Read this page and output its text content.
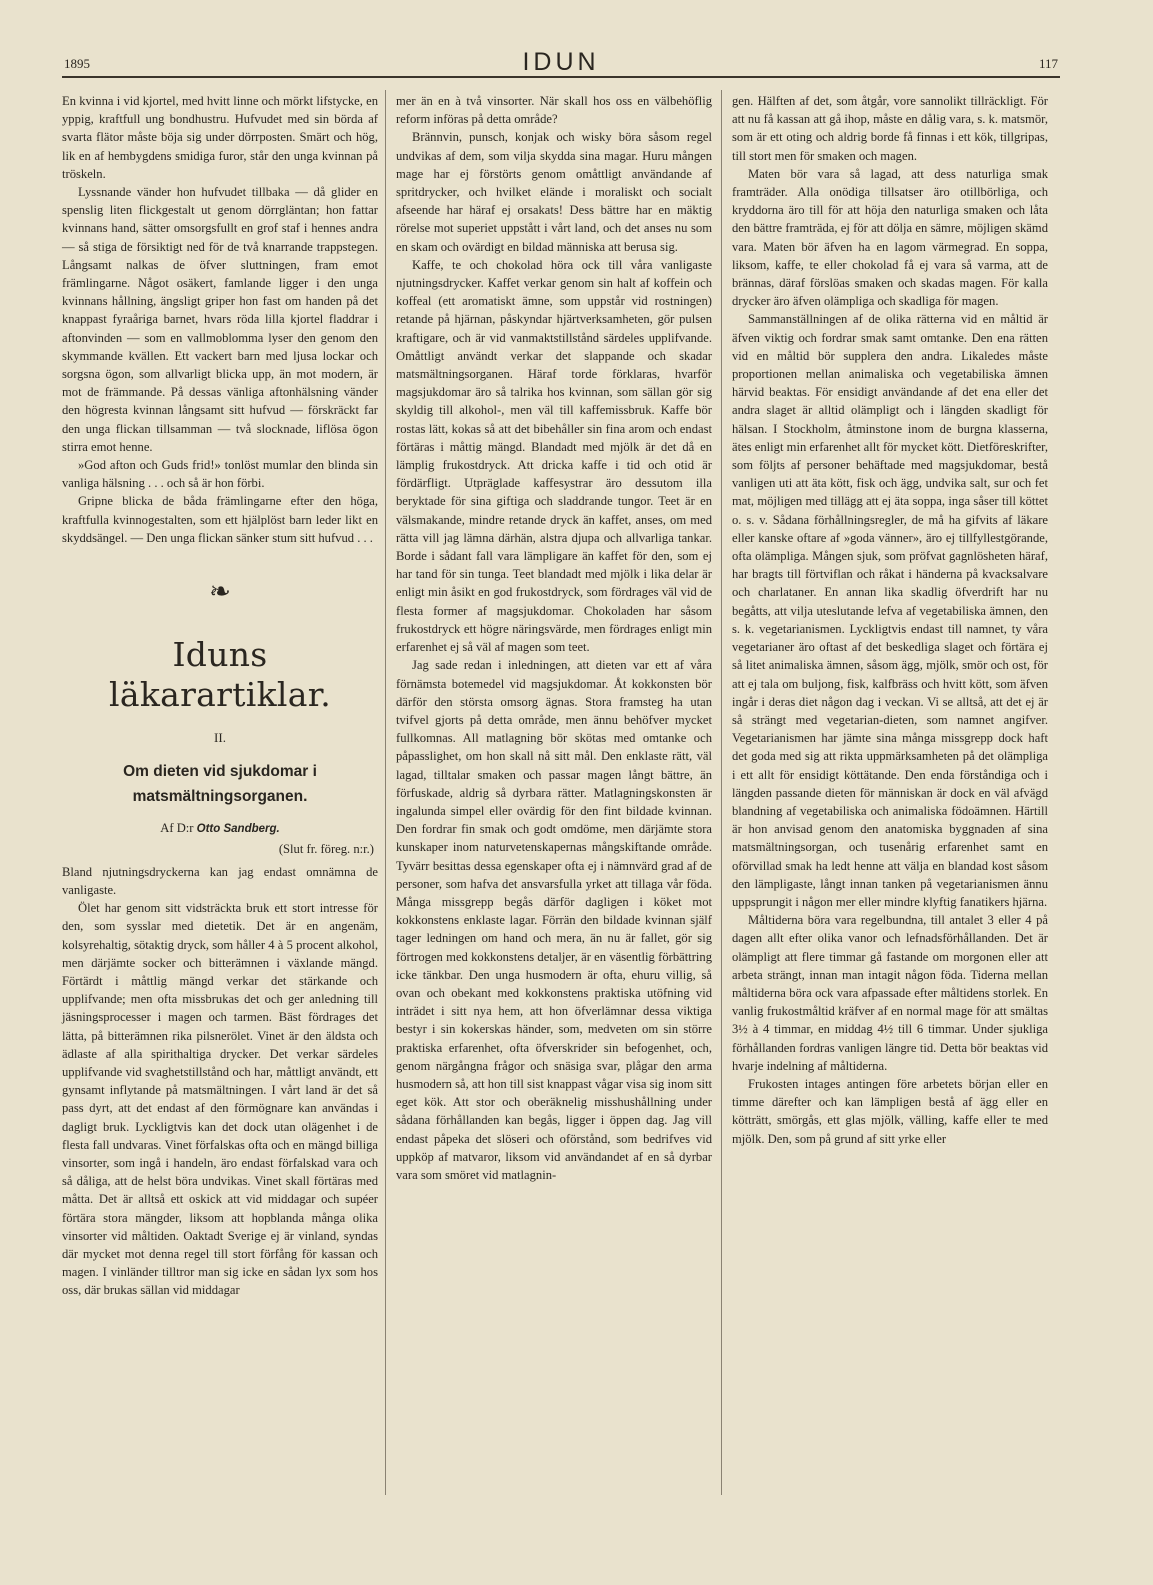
1895	IDUN	117

En kvinna i vid kjortel, med hvitt linne och mörkt lifstycke, en yppig, kraftfull ung bondhustru. Hufvudet med sin börda af svarta flätor måste böja sig under dörrposten. Smärt och hög, lik en af hembygdens smidiga furor, står den unga kvinnan på tröskeln.

Lyssnande vänder hon hufvudet tillbaka — då glider en spenslig liten flickgestalt ut genom dörrgläntan; hon fattar kvinnans hand, sätter omsorgsfullt en grof staf i hennes andra — så stiga de försiktigt ned för de två knarrande trappstegen. Långsamt nalkas de öfver sluttningen, fram emot främlingarne. Något osäkert, famlande ligger i den unga kvinnans hållning, ängsligt griper hon fast om handen på det knappast fyraåriga barnet, hvars röda lilla kjortel fladdrar i aftonvinden — som en vallmoblomma lyser den genom den skymmande kvällen. Ett vackert barn med ljusa lockar och sorgsna ögon, som allvarligt blicka upp, än mot modern, är mot de främmande. På dessas vänliga aftonhälsning vänder den högresta kvinnan långsamt sitt hufvud — förskräckt far den unga flickan tillsamman — två slocknade, liflösa ögon stirra emot henne.

»God afton och Guds frid!» tonlöst mumlar den blinda sin vanliga hälsning . . . och så är hon förbi.

Gripne blicka de båda främlingarne efter den höga, kraftfulla kvinnogestalten, som ett hjälplöst barn leder likt en skyddsängel. — Den unga flickan sänker stum sitt hufvud . . .

❧
Iduns läkarartiklar.
II.
Om dieten vid sjukdomar i matsmältningsorganen.
Af D:r Otto Sandberg.
(Slut fr. föreg. n:r.)

Bland njutningsdryckerna kan jag endast omnämna de vanligaste.

Ölet har genom sitt vidsträckta bruk ett stort intresse för den, som sysslar med dietetik. Det är en angenäm, kolsyrehaltig, sötaktig dryck, som håller 4 à 5 procent alkohol, men därjämte socker och bitterämnen i växlande mängd. Förtärdt i måttlig mängd verkar det stärkande och upplifvande; men ofta missbrukas det och ger anledning till jäsningsprocesser i magen och tarmen. Bäst fördrages det lätta, på bitterämnen rika pilsnerölet. Vinet är den äldsta och ädlaste af alla spirithaltiga drycker. Det verkar särdeles upplifvande vid svaghetstillstånd och har, måttligt användt, ett gynsamt inflytande på matsmältningen. I vårt land är det så pass dyrt, att det endast af den förmögnare kan användas i dagligt bruk. Lyckligtvis kan det dock utan olägenhet i de flesta fall undvaras. Vinet förfalskas ofta och en mängd billiga vinsorter, som ingå i handeln, äro endast förfalskad vara och så dåliga, att de helst böra undvikas. Vinet skall förtäras med måtta. Det är alltså ett oskick att vid middagar och supéer förtära stora mängder, liksom att hopblanda många olika vinsorter vid måltiden. Oaktadt Sverige ej är vinland, syndas där mycket mot denna regel till stort förfång för kassan och magen. I vinländer tilltror man sig icke en sådan lyx som hos oss, där brukas sällan vid middagar

mer än en à två vinsorter. När skall hos oss en välbehöflig reform införas på detta område?

Brännvin, punsch, konjak och wisky böra såsom regel undvikas af dem, som vilja skydda sina magar. Huru mången mage har ej förstörts genom omåttligt användande af spritdrycker, och hvilket elände i moraliskt och socialt afseende har häraf ej orsakats! Dess bättre har en mäktig rörelse mot superiet uppstått i vårt land, och det anses nu som en skam och ovärdigt en bildad människa att berusa sig.

Kaffe, te och chokolad höra ock till våra vanligaste njutningsdrycker. Kaffet verkar genom sin halt af koffein och koffeal (ett aromatiskt ämne, som uppstår vid rostningen) retande på hjärnan, påskyndar hjärtverksamheten, gör pulsen kraftigare, och är vid vanmaktstillstånd särdeles upplifvande. Omåttligt användt verkar det slappande och skadar matsmältningsorganen. Häraf torde förklaras, hvarför magsjukdomar äro så talrika hos kvinnan, som sällan gör sig skyldig till alkohol-, men väl till kaffemissbruk. Kaffe bör rostas lätt, kokas så att det bibehåller sin fina arom och endast förtäras i måttig mängd. Blandadt med mjölk är det då en lämplig frukostdryck. Att dricka kaffe i tid och otid är fördärfligt. Utpräglade kaffesystrar äro dessutom illa beryktade för sina giftiga och sladdrande tungor. Teet är en välsmakande, mindre retande dryck än kaffet, anses, om med rätta vill jag lämna därhän, alstra djupa och allvarliga tankar. Borde i sådant fall vara lämpligare än kaffet för den, som ej har tand för sin tunga. Teet blandadt med mjölk i lika delar är enligt min åsikt en god frukostdryck, som fördrages väl vid de flesta former af magsjukdomar. Chokoladen har såsom frukostdryck ett högre näringsvärde, men fördrages enligt min erfarenhet ej så väl af magen som teet.

Jag sade redan i inledningen, att dieten var ett af våra förnämsta botemedel vid magsjukdomar. Åt kokkonsten bör därför den största omsorg ägnas. Stora framsteg ha utan tvifvel gjorts på detta område, men ännu behöfver mycket fullkomnas. All matlagning bör skötas med omtanke och påpasslighet, om hon skall nå sitt mål. Den enklaste rätt, väl lagad, tilltalar smaken och passar magen långt bättre, än förfuskade, aldrig så dyrbara rätter. Matlagningskonsten är ingalunda simpel eller ovärdig för den fint bildade kvinnan. Den fordrar fin smak och godt omdöme, men därjämte stora kunskaper inom naturvetenskapernas mångskiftande område. Tyvärr besittas dessa egenskaper ofta ej i nämnvärd grad af de personer, som hafva det ansvarsfulla yrket att tillaga vår föda. Många missgrepp begås därför dagligen i köket mot kokkonstens enklaste lagar. Förrän den bildade kvinnan själf tager ledningen om hand och mera, än nu är fallet, gör sig förtrogen med kokkonstens detaljer, är en väsentlig förbättring icke tänkbar. Den unga husmodern är ofta, ehuru villig, så ovan och obekant med kokkonstens praktiska utöfning vid inträdet i sitt nya hem, att hon öfverlämnar dessa viktiga bestyr i sin kokerskas händer, som, medveten om sin större praktiska erfarenhet, ofta öfverskrider sin befogenhet, och, genom närgångna frågor och snäsiga svar, plågar den arma husmodern så, att hon till sist knappast vågar visa sig inom sitt eget kök. Att stor och oberäknelig misshushållning under sådana förhållanden kan begås, ligger i öppen dag. Jag vill endast påpeka det slöseri och oförstånd, som bedrifves vid uppköp af matvaror, liksom vid användandet af en så dyrbar vara som smöret vid matlagnin-

gen. Hälften af det, som åtgår, vore sannolikt tillräckligt. För att nu få kassan att gå ihop, måste en dålig vara, s. k. matsmör, som är ett oting och aldrig borde få finnas i ett kök, tillgripas, till stort men för smaken och magen.

Maten bör vara så lagad, att dess naturliga smak framträder. Alla onödiga tillsatser äro otillbörliga, och kryddorna äro till för att höja den naturliga smaken och låta den bättre framträda, ej för att dölja en sämre, möjligen skämd vara. Maten bör äfven ha en lagom värmegrad. En soppa, liksom, kaffe, te eller chokolad få ej vara så varma, att de brännas, däraf förslöas smaken och skadas magen. För kalla drycker äro äfven olämpliga och skadliga för magen.

Sammanställningen af de olika rätterna vid en måltid är äfven viktig och fordrar smak samt omtanke. Den ena rätten vid en måltid bör supplera den andra. Likaledes måste proportionen mellan animaliska och vegetabiliska ämnen härvid beaktas. För ensidigt användande af det ena eller det andra slaget är alltid olämpligt och i längden skadligt för hälsan. I Stockholm, åtminstone inom de burgna klasserna, ätes enligt min erfarenhet allt för mycket kött. Dietföreskrifter, som följts af personer behäftade med magsjukdomar, bestå vanligen uti att äta kött, fisk och ägg, undvika salt, sur och fet mat, möjligen med tillägg att ej äta soppa, inga såser till köttet o. s. v. Sådana förhållningsregler, de må ha gifvits af läkare eller kanske oftare af »goda vänner», äro ej tillfyllestgörande, ofta olämpliga. Mången sjuk, som pröfvat gagnlösheten häraf, har bragts till förtviflan och råkat i händerna på kvacksalvare och charlataner. En annan lika skadlig öfverdrift har nu begåtts, att vilja uteslutande lefva af vegetabiliska ämnen, den s. k. vegetarianismen. Lyckligtvis endast till namnet, ty våra vegetarianer äro oftast af det beskedliga slaget och förtära ej så litet animaliska ämnen, såsom ägg, mjölk, smör och ost, för att ej tala om buljong, fisk, kalfbräss och hvitt kött, som äfven ingår i deras diet någon dag i veckan. Vi se alltså, att det ej är så strängt med vegetarian-dieten, som namnet angifver. Vegetarianismen har jämte sina många missgrepp dock haft det goda med sig att rikta uppmärksamheten på det olämpliga i ett allt för ensidigt köttätande. Den enda förståndiga och i längden passande dieten för människan är dock en väl afvägd blandning af vegetabiliska och animaliska födoämnen. Härtill är hon anvisad genom den anatomiska byggnaden af sina matsmältningsorgan, och tusenårig erfarenhet samt en oförvillad smak ha ledt henne att välja en blandad kost såsom den lämpligaste, långt innan tanken på vegetarianismen ännu uppsprungit i någon mer eller mindre klyftig fanatikers hjärna.

Måltiderna böra vara regelbundna, till antalet 3 eller 4 på dagen allt efter olika vanor och lefnadsförhållanden. Det är olämpligt att flere timmar gå fastande om morgonen eller att arbeta strängt, innan man intagit någon föda. Tiderna mellan måltiderna böra ock vara afpassade efter måltidens storlek. En vanlig frukostmåltid kräfver af en normal mage för att smältas 3½ à 4 timmar, en middag 4½ till 6 timmar. Under sjukliga förhållanden fordras vanligen längre tid. Detta bör beaktas vid hvarje indelning af måltiderna.

Frukosten intages antingen före arbetets början eller en timme därefter och kan lämpligen bestå af ägg eller en kötträtt, smörgås, ett glas mjölk, välling, kaffe eller te med mjölk. Den, som på grund af sitt yrke eller
